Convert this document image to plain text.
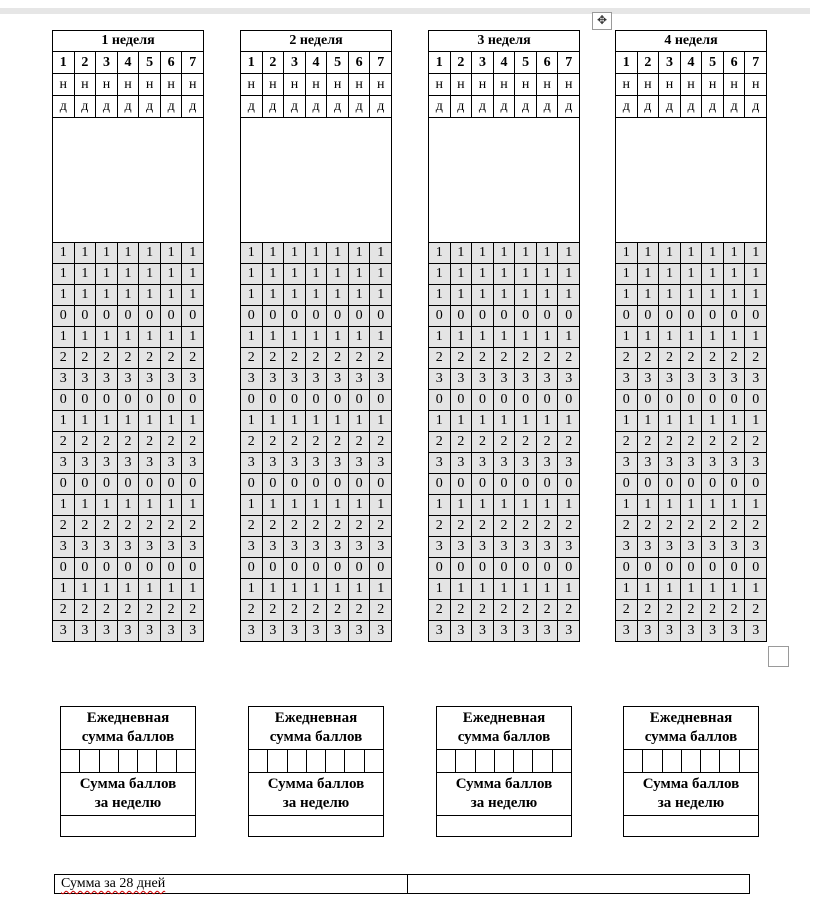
✥
1 неделя
1	2	3	4	5	6	7
н	н	н	н	н	н	н
д	д	д	д	д	д	д
1	1	1	1	1	1	1
1	1	1	1	1	1	1
1	1	1	1	1	1	1
0	0	0	0	0	0	0
1	1	1	1	1	1	1
2	2	2	2	2	2	2
3	3	3	3	3	3	3
0	0	0	0	0	0	0
1	1	1	1	1	1	1
2	2	2	2	2	2	2
3	3	3	3	3	3	3
0	0	0	0	0	0	0
1	1	1	1	1	1	1
2	2	2	2	2	2	2
3	3	3	3	3	3	3
0	0	0	0	0	0	0
1	1	1	1	1	1	1
2	2	2	2	2	2	2
3	3	3	3	3	3	3
2 неделя
1	2	3	4	5	6	7
н	н	н	н	н	н	н
д	д	д	д	д	д	д
1	1	1	1	1	1	1
1	1	1	1	1	1	1
1	1	1	1	1	1	1
0	0	0	0	0	0	0
1	1	1	1	1	1	1
2	2	2	2	2	2	2
3	3	3	3	3	3	3
0	0	0	0	0	0	0
1	1	1	1	1	1	1
2	2	2	2	2	2	2
3	3	3	3	3	3	3
0	0	0	0	0	0	0
1	1	1	1	1	1	1
2	2	2	2	2	2	2
3	3	3	3	3	3	3
0	0	0	0	0	0	0
1	1	1	1	1	1	1
2	2	2	2	2	2	2
3	3	3	3	3	3	3
3 неделя
1	2	3	4	5	6	7
н	н	н	н	н	н	н
д	д	д	д	д	д	д
1	1	1	1	1	1	1
1	1	1	1	1	1	1
1	1	1	1	1	1	1
0	0	0	0	0	0	0
1	1	1	1	1	1	1
2	2	2	2	2	2	2
3	3	3	3	3	3	3
0	0	0	0	0	0	0
1	1	1	1	1	1	1
2	2	2	2	2	2	2
3	3	3	3	3	3	3
0	0	0	0	0	0	0
1	1	1	1	1	1	1
2	2	2	2	2	2	2
3	3	3	3	3	3	3
0	0	0	0	0	0	0
1	1	1	1	1	1	1
2	2	2	2	2	2	2
3	3	3	3	3	3	3
4 неделя
1	2	3	4	5	6	7
н	н	н	н	н	н	н
д	д	д	д	д	д	д
1	1	1	1	1	1	1
1	1	1	1	1	1	1
1	1	1	1	1	1	1
0	0	0	0	0	0	0
1	1	1	1	1	1	1
2	2	2	2	2	2	2
3	3	3	3	3	3	3
0	0	0	0	0	0	0
1	1	1	1	1	1	1
2	2	2	2	2	2	2
3	3	3	3	3	3	3
0	0	0	0	0	0	0
1	1	1	1	1	1	1
2	2	2	2	2	2	2
3	3	3	3	3	3	3
0	0	0	0	0	0	0
1	1	1	1	1	1	1
2	2	2	2	2	2	2
3	3	3	3	3	3	3
Ежедневная
сумма баллов
Сумма баллов
за неделю
Ежедневная
сумма баллов
Сумма баллов
за неделю
Ежедневная
сумма баллов
Сумма баллов
за неделю
Ежедневная
сумма баллов
Сумма баллов
за неделю
Сумма за 28 дней
